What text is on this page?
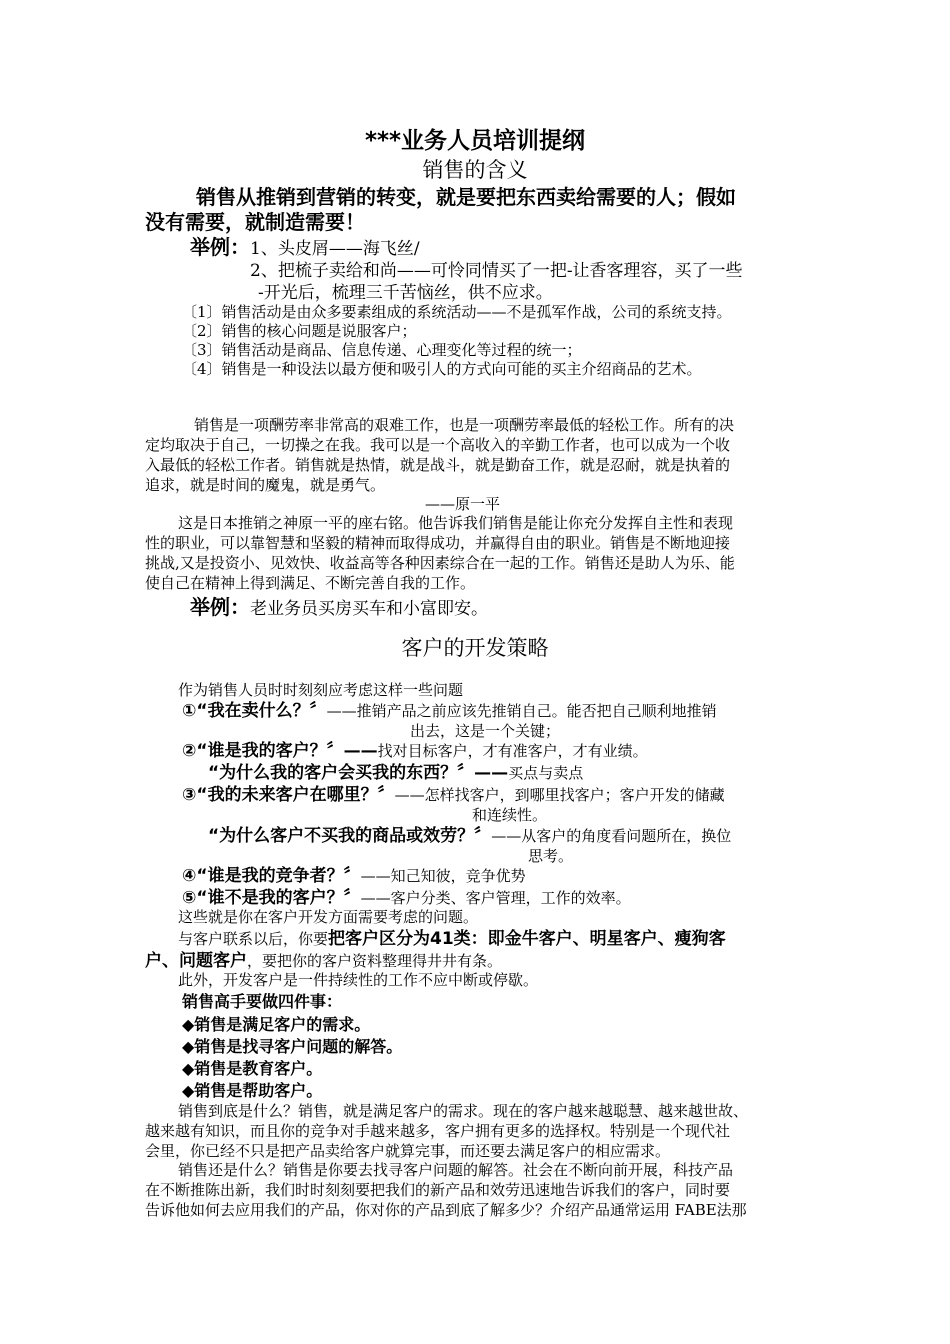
***业务人员培训提纲
销售的含义
销售从推销到营销的转变，就是要把东西卖给需要的人；假如
没有需要，就制造需要！
举例：1、头皮屑——海飞丝/
2、把梳子卖给和尚——可怜同情买了一把-让香客理容，买了一些
-开光后，梳理三千苦恼丝，供不应求。
〔1〕销售活动是由众多要素组成的系统活动——不是孤军作战，公司的系统支持。
〔2〕销售的核心问题是说服客户；
〔3〕销售活动是商品、信息传递、心理变化等过程的统一；
〔4〕销售是一种设法以最方便和吸引人的方式向可能的买主介绍商品的艺术。
销售是一项酬劳率非常高的艰难工作，也是一项酬劳率最低的轻松工作。所有的决
定均取决于自己，一切操之在我。我可以是一个高收入的辛勤工作者，也可以成为一个收
入最低的轻松工作者。销售就是热情，就是战斗，就是勤奋工作，就是忍耐，就是执着的
追求，就是时间的魔鬼，就是勇气。
——原一平
这是日本推销之神原一平的座右铭。他告诉我们销售是能让你充分发挥自主性和表现
性的职业，可以靠智慧和坚毅的精神而取得成功，并赢得自由的职业。销售是不断地迎接
挑战,又是投资小、见效快、收益高等各种因素综合在一起的工作。销售还是助人为乐、能
使自己在精神上得到满足、不断完善自我的工作。
举例：老业务员买房买车和小富即安。
客户的开发策略
作为销售人员时时刻刻应考虑这样一些问题
①“我在卖什么？〞——推销产品之前应该先推销自己。能否把自己顺利地推销
出去，这是一个关键；
②“谁是我的客户？〞——找对目标客户，才有准客户，才有业绩。
“为什么我的客户会买我的东西？〞——买点与卖点
③“我的未来客户在哪里？〞——怎样找客户，到哪里找客户；客户开发的储藏
和连续性。
“为什么客户不买我的商品或效劳？〞——从客户的角度看问题所在，换位
思考。
④“谁是我的竞争者？〞——知己知彼，竞争优势
⑤“谁不是我的客户？〞——客户分类、客户管理，工作的效率。
这些就是你在客户开发方面需要考虑的问题。
与客户联系以后，你要把客户区分为41类：即金牛客户、明星客户、瘦狗客
户、问题客户，要把你的客户资料整理得井井有条。
此外，开发客户是一件持续性的工作不应中断或停歇。
销售高手要做四件事：
◆销售是满足客户的需求。
◆销售是找寻客户问题的解答。
◆销售是教育客户。
◆销售是帮助客户。
销售到底是什么？销售，就是满足客户的需求。现在的客户越来越聪慧、越来越世故、
越来越有知识，而且你的竞争对手越来越多，客户拥有更多的选择权。特别是一个现代社
会里，你已经不只是把产品卖给客户就算完事，而还要去满足客户的相应需求。
销售还是什么？销售是你要去找寻客户问题的解答。社会在不断向前开展，科技产品
在不断推陈出新，我们时时刻刻要把我们的新产品和效劳迅速地告诉我们的客户，同时要
告诉他如何去应用我们的产品，你对你的产品到底了解多少？介绍产品通常运用 FABE法那
